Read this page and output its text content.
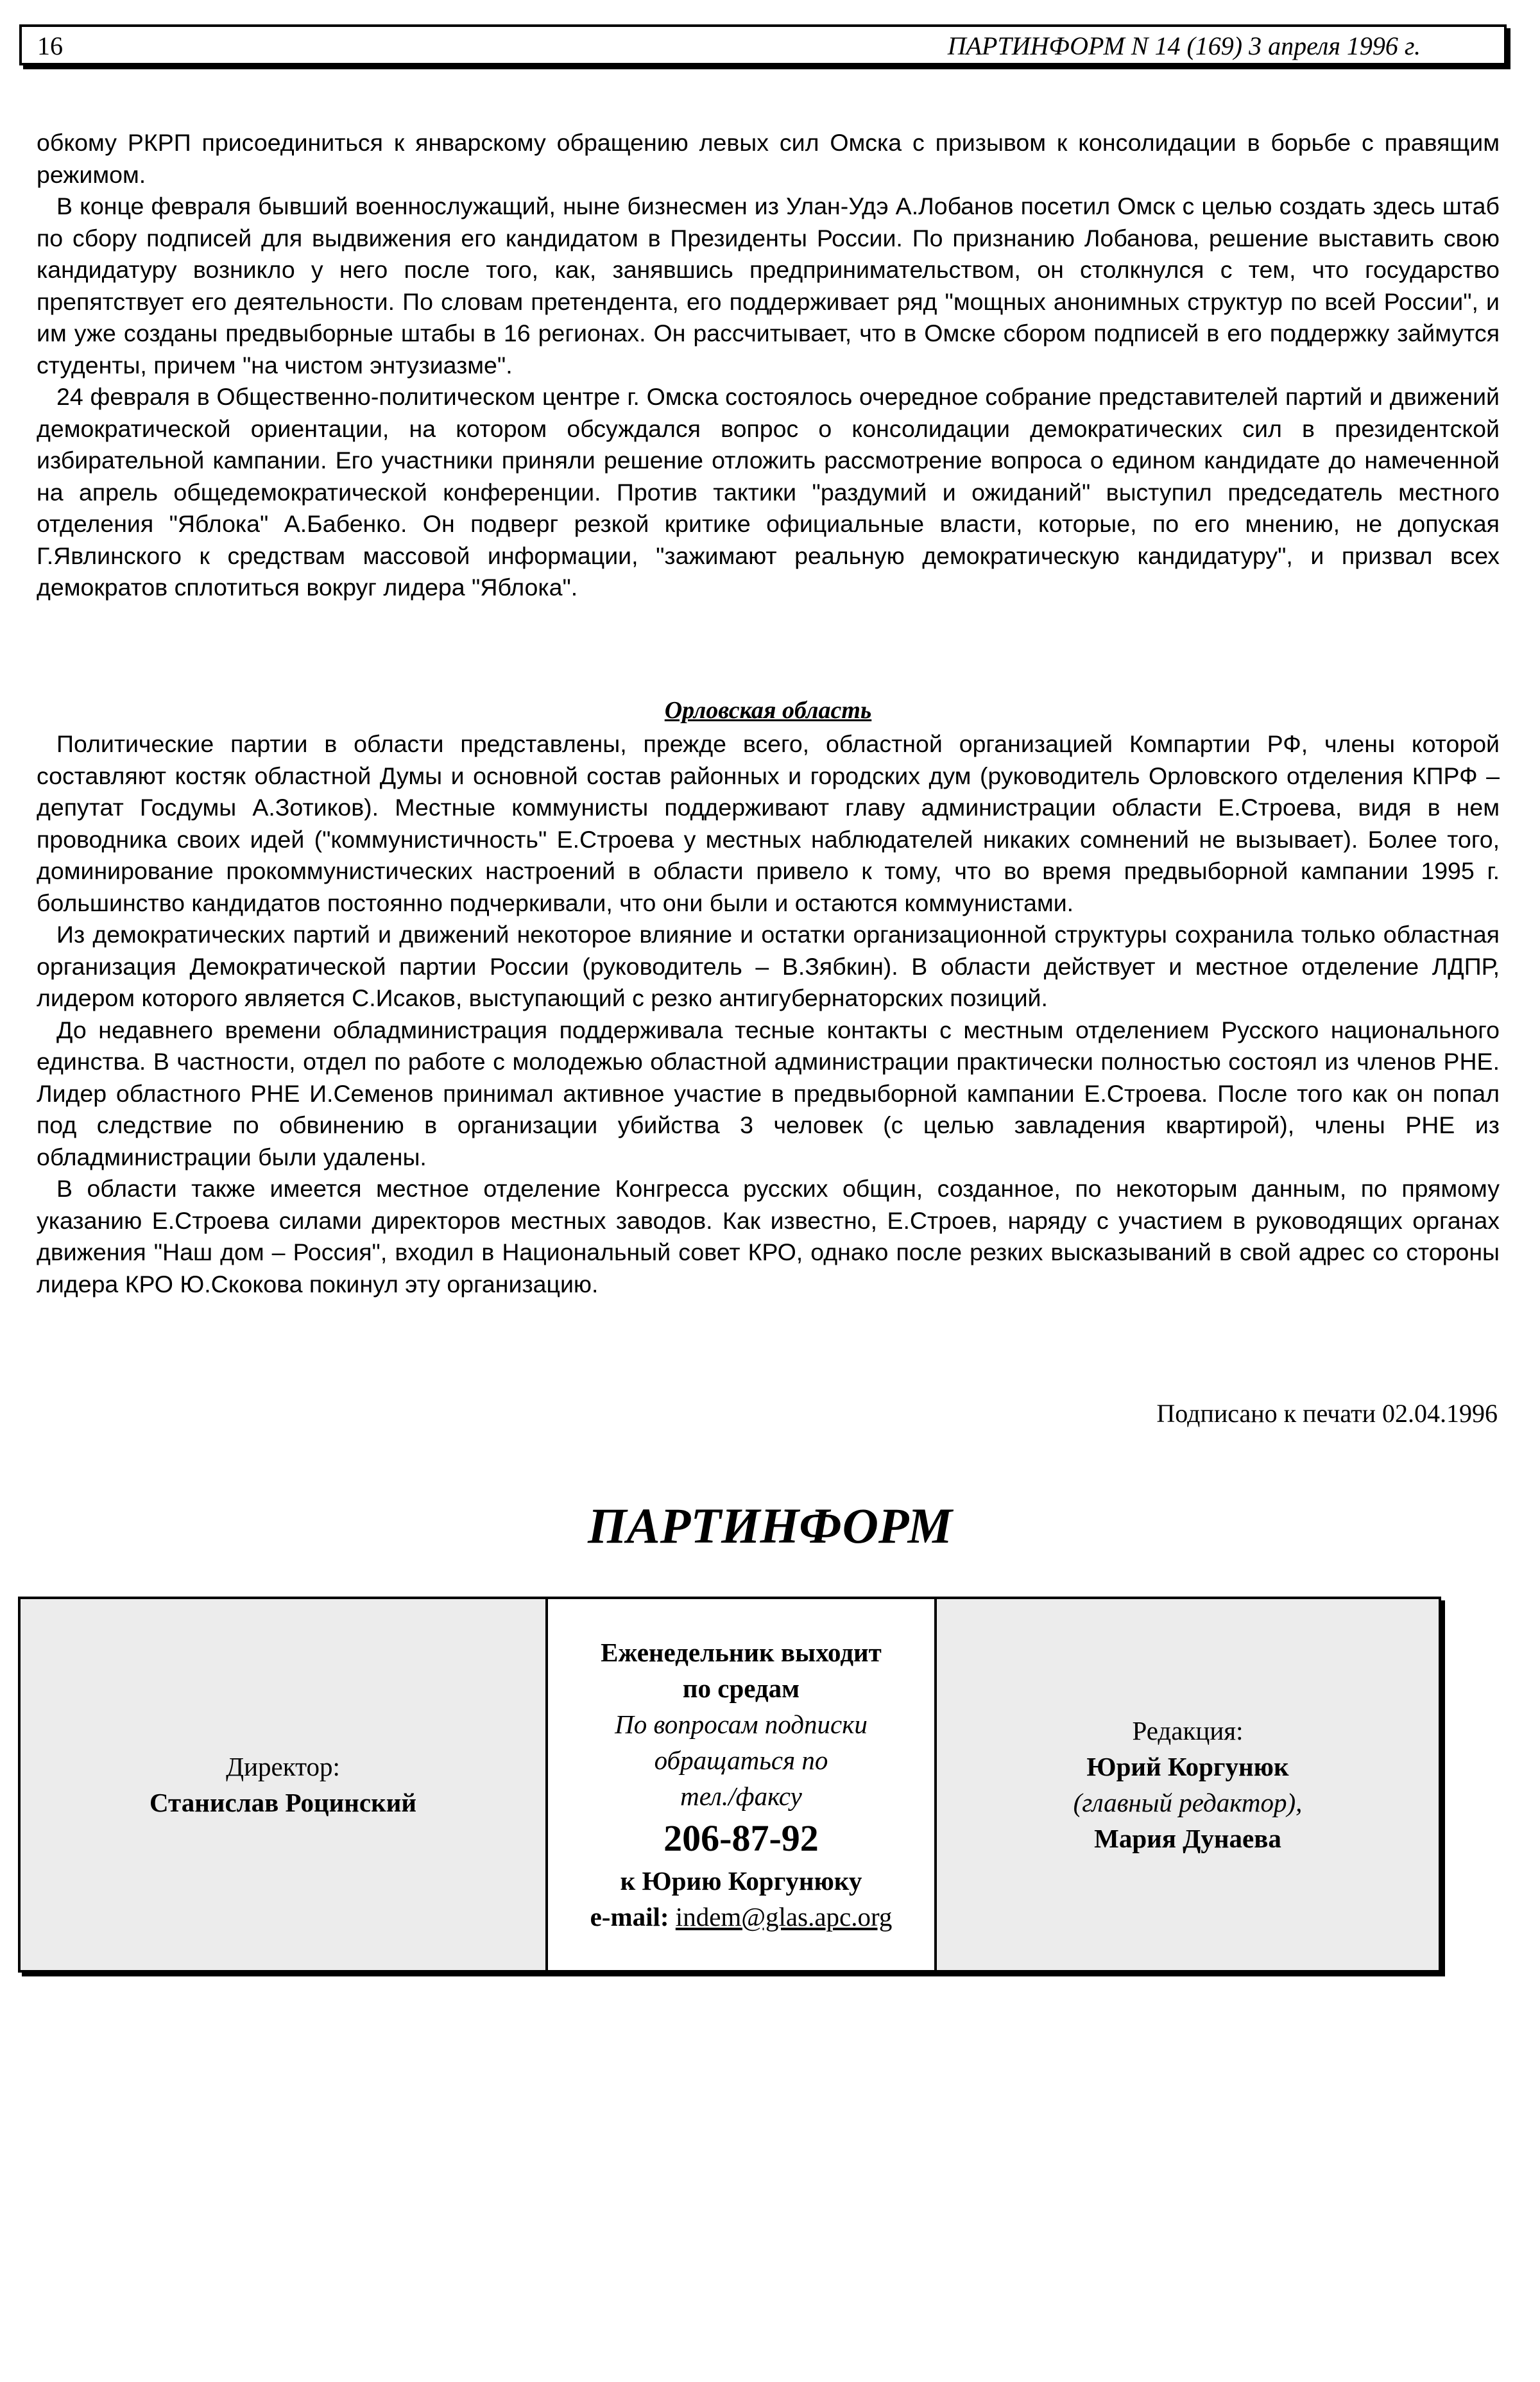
16	ПАРТИНФОРМ N 14 (169) 3 апреля 1996 г.

обкому РКРП присоединиться к январскому обращению левых сил Омска с призывом к консолидации в борьбе с правящим режимом.

В конце февраля бывший военнослужащий, ныне бизнесмен из Улан-Удэ А.Лобанов посетил Омск с целью создать здесь штаб по сбору подписей для выдвижения его кандидатом в Президенты России. По признанию Лобанова, решение выставить свою кандидатуру возникло у него после того, как, занявшись предпринимательством, он столкнулся с тем, что государство препятствует его деятельности. По словам претендента, его поддерживает ряд "мощных анонимных структур по всей России", и им уже созданы предвыборные штабы в 16 регионах. Он рассчитывает, что в Омске сбором подписей в его поддержку займутся студенты, причем "на чистом энтузиазме".

24 февраля в Общественно-политическом центре г. Омска состоялось очередное собрание представителей партий и движений демократической ориентации, на котором обсуждался вопрос о консолидации демократических сил в президентской избирательной кампании. Его участники приняли решение отложить рассмотрение вопроса о едином кандидате до намеченной на апрель общедемократической конференции. Против тактики "раздумий и ожиданий" выступил председатель местного отделения "Яблока" А.Бабенко. Он подверг резкой критике официальные власти, которые, по его мнению, не допуская Г.Явлинского к средствам массовой информации, "зажимают реальную демократическую кандидатуру", и призвал всех демократов сплотиться вокруг лидера "Яблока".

Орловская область

Политические партии в области представлены, прежде всего, областной организацией Компартии РФ, члены которой составляют костяк областной Думы и основной состав районных и городских дум (руководитель Орловского отделения КПРФ – депутат Госдумы А.Зотиков). Местные коммунисты поддерживают главу администрации области Е.Строева, видя в нем проводника своих идей ("коммунистичность" Е.Строева у местных наблюдателей никаких сомнений не вызывает). Более того, доминирование прокоммунистических настроений в области привело к тому, что во время предвыборной кампании 1995 г. большинство кандидатов постоянно подчеркивали, что они были и остаются коммунистами.

Из демократических партий и движений некоторое влияние и остатки организационной структуры сохранила только областная организация Демократической партии России (руководитель – В.Зябкин). В области действует и местное отделение ЛДПР, лидером которого является С.Исаков, выступающий с резко антигубернаторских позиций.

До недавнего времени обладминистрация поддерживала тесные контакты с местным отделением Русского национального единства. В частности, отдел по работе с молодежью областной администрации практически полностью состоял из членов РНЕ. Лидер областного РНЕ И.Семенов принимал активное участие в предвыборной кампании Е.Строева. После того как он попал под следствие по обвинению в организации убийства 3 человек (с целью завладения квартирой), члены РНЕ из обладминистрации были удалены.

В области также имеется местное отделение Конгресса русских общин, созданное, по некоторым данным, по прямому указанию Е.Строева силами директоров местных заводов. Как известно, Е.Строев, наряду с участием в руководящих органах движения "Наш дом – Россия", входил в Национальный совет КРО, однако после резких высказываний в свой адрес со стороны лидера КРО Ю.Скокова покинул эту организацию.

Подписано к печати 02.04.1996
ПАРТИНФОРМ
Директор:
Станислав Роцинский
Еженедельник выходит
по средам
По вопросам подписки
обращаться по
тел./факсу
206-87-92
к Юрию Коргунюку
e-mail: indem@glas.apc.org
Редакция:
Юрий Коргунюк
(главный редактор),
Мария Дунаева
